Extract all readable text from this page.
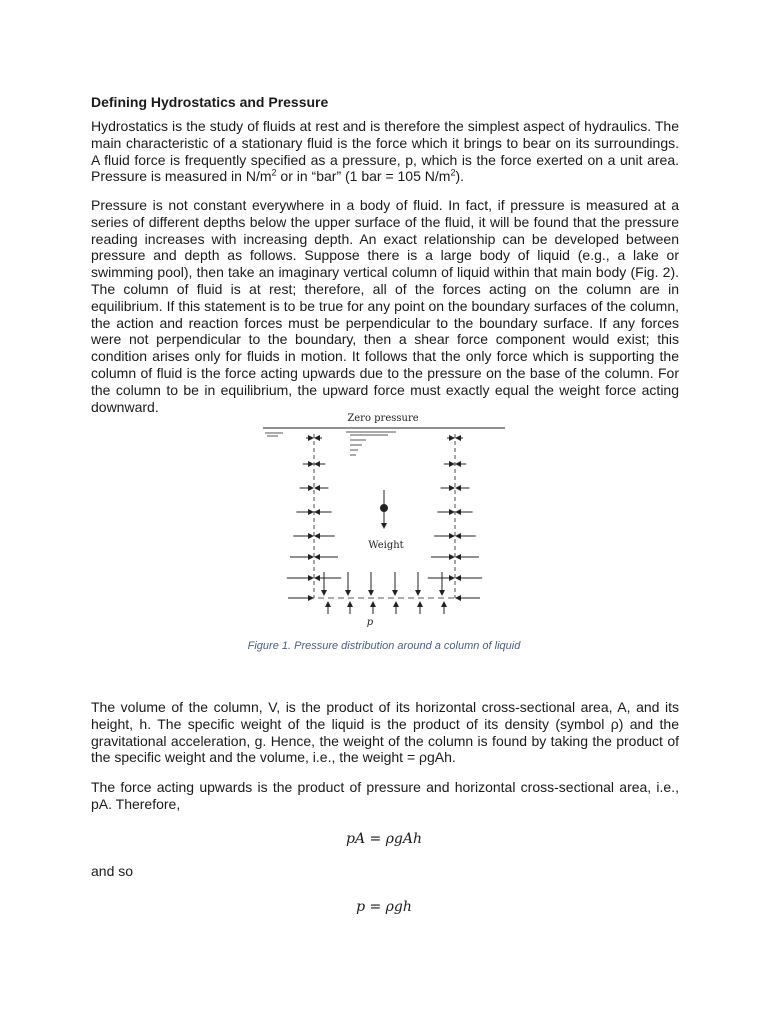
Defining Hydrostatics and Pressure

Hydrostatics is the study of fluids at rest and is therefore the simplest aspect of hydraulics. The main characteristic of a stationary fluid is the force which it brings to bear on its surroundings. A fluid force is frequently specified as a pressure, p, which is the force exerted on a unit area. Pressure is measured in $N/m^2$ or in “bar” (1 bar = 105 $N/m^2$).

Pressure is not constant everywhere in a body of fluid. In fact, if pressure is measured at a series of different depths below the upper surface of the fluid, it will be found that the pressure reading increases with increasing depth. An exact relationship can be developed between pressure and depth as follows. Suppose there is a large body of liquid (e.g., a lake or swimming pool), then take an imaginary vertical column of liquid within that main body (Fig. 2). The column of fluid is at rest; therefore, all of the forces acting on the column are in equilibrium. If this statement is to be true for any point on the boundary surfaces of the column, the action and reaction forces must be perpendicular to the boundary surface. If any forces were not perpendicular to the boundary, then a shear force component would exist; this condition arises only for fluids in motion. It follows that the only force which is supporting the column of fluid is the force acting upwards due to the pressure on the base of the column. For the column to be in equilibrium, the upward force must exactly equal the weight force acting downward.

Zero pressure
Weight
p
Figure 1. Pressure distribution around a column of liquid

The volume of the column, V, is the product of its horizontal cross-sectional area, A, and its height, h. The specific weight of the liquid is the product of its density (symbol ρ) and the gravitational acceleration, g. Hence, the weight of the column is found by taking the product of the specific weight and the volume, i.e., the weight = ρgAh.

The force acting upwards is the product of pressure and horizontal cross-sectional area, i.e., pA. Therefore,

pA = ρgAh
and so
p = ρgh
